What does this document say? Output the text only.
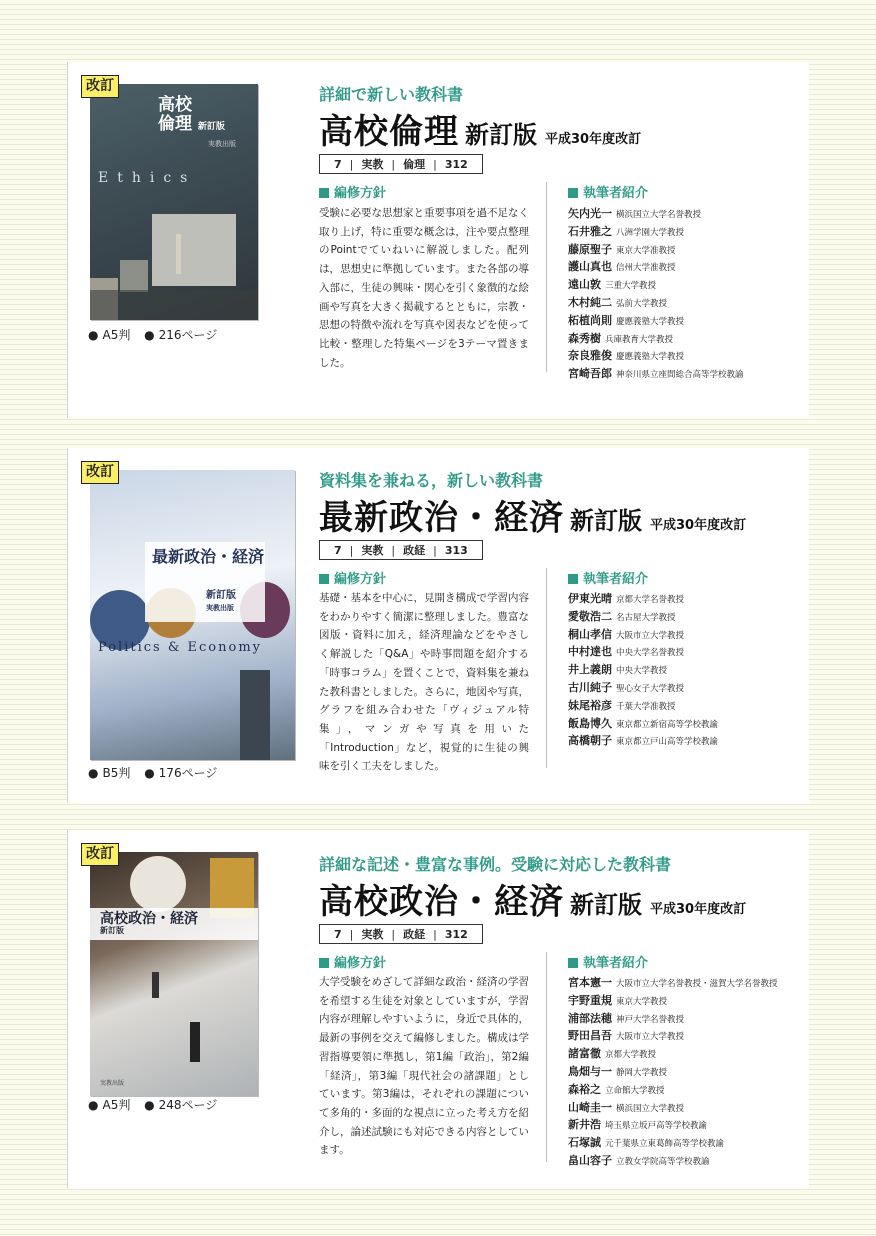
改訂
高校
倫理 新訂版
Ethics
実教出版
● A5判 ● 216ページ
詳細で新しい教科書
高校倫理 新訂版 平成30年度改訂
7 | 実教 | 倫理 | 312
編修方針

受験に必要な思想家と重要事項を過不足なく取り上げ，特に重要な概念は，注や要点整理のPointでていねいに解説しました。配列は，思想史に準拠しています。また各部の導入部に，生徒の興味・関心を引く象徴的な絵画や写真を大きく掲載するとともに，宗教・思想の特徴や流れを写真や図表などを使って比較・整理した特集ページを3テーマ置きました。

執筆者紹介
矢内光一 横浜国立大学名誉教授
石井雅之 八洲学園大学教授
藤原聖子 東京大学准教授
護山真也 信州大学准教授
遠山敦 三重大学教授
木村純二 弘前大学教授
柘植尚則 慶應義塾大学教授
森秀樹 兵庫教育大学教授
奈良雅俊 慶應義塾大学教授
宮崎吾郎 神奈川県立座間総合高等学校教諭
改訂
最新政治・経済
新訂版
実教出版
Politics & Economy
● B5判 ● 176ページ
資料集を兼ねる，新しい教科書
最新政治・経済 新訂版 平成30年度改訂
7 | 実教 | 政経 | 313
編修方針

基礎・基本を中心に，見開き構成で学習内容をわかりやすく簡潔に整理しました。豊富な図版・資料に加え，経済理論などをやさしく解説した「Q&A」や時事問題を紹介する「時事コラム」を置くことで，資料集を兼ねた教科書としました。さらに，地図や写真，グラフを組み合わせた「ヴィジュアル特集」，マンガや写真を用いた「Introduction」など，視覚的に生徒の興味を引く工夫をしました。

執筆者紹介
伊東光晴 京都大学名誉教授
愛敬浩二 名古屋大学教授
桐山孝信 大阪市立大学教授
中村達也 中央大学名誉教授
井上義朗 中央大学教授
古川純子 聖心女子大学教授
妹尾裕彦 千葉大学准教授
飯島博久 東京都立新宿高等学校教諭
高橋朝子 東京都立戸山高等学校教諭
改訂
高校政治・経済
新訂版
実教出版
● A5判 ● 248ページ
詳細な記述・豊富な事例。受験に対応した教科書
高校政治・経済 新訂版 平成30年度改訂
7 | 実教 | 政経 | 312
編修方針

大学受験をめざして詳細な政治・経済の学習を希望する生徒を対象としていますが，学習内容が理解しやすいように，身近で具体的，最新の事例を交えて編修しました。構成は学習指導要領に準拠し，第1編「政治」，第2編「経済」，第3編「現代社会の諸課題」としています。第3編は，それぞれの課題について多角的・多面的な視点に立った考え方を紹介し，論述試験にも対応できる内容としています。

執筆者紹介
宮本憲一 大阪市立大学名誉教授・滋賀大学名誉教授
宇野重規 東京大学教授
浦部法穂 神戸大学名誉教授
野田昌吾 大阪市立大学教授
諸富徹 京都大学教授
鳥畑与一 静岡大学教授
森裕之 立命館大学教授
山崎圭一 横浜国立大学教授
新井浩 埼玉県立坂戸高等学校教諭
石塚誠 元千葉県立東葛飾高等学校教諭
畠山容子 立教女学院高等学校教諭
